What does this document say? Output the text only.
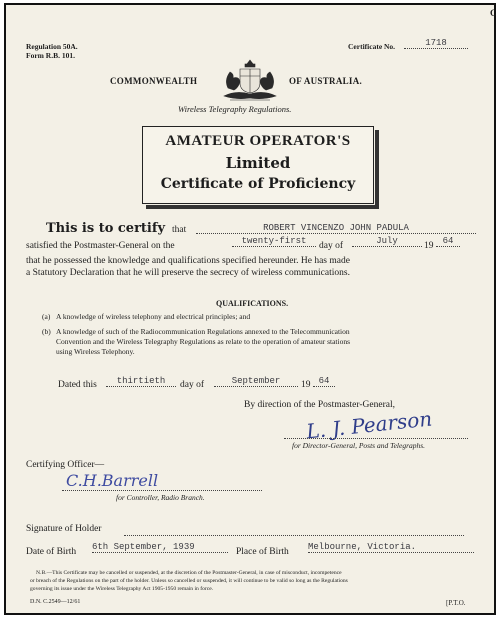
C
Regulation 50A.
Form R.B. 101.
Certificate No.	1718
COMMONWEALTH	OF AUSTRALIA.
Wireless Telegraphy Regulations.
AMATEUR OPERATOR'S
Limited
Certificate of Proficiency
This is to certify that	ROBERT VINCENZO JOHN PADULA
satisfied the Postmaster-General on the	twenty-first	day of	July	19	64
that he possessed the knowledge and qualifications specified hereunder. He has made
a Statutory Declaration that he will preserve the secrecy of wireless communications.
QUALIFICATIONS.
(a) A knowledge of wireless telephony and electrical principles; and
(b) A knowledge of such of the Radiocommunication Regulations annexed to the Telecommunication
Convention and the Wireless Telegraphy Regulations as relate to the operation of amateur stations
using Wireless Telephony.
Dated this	thirtieth	day of	September	19 64
By direction of the Postmaster-General,
L. J. Pearson
for Director-General, Posts and Telegraphs.
Certifying Officer—
C.H.Barrell
for Controller, Radio Branch.
Signature of Holder
Date of Birth 6th September, 1939	Place of Birth Melbourne, Victoria.
N.B.—This Certificate may be cancelled or suspended, at the discretion of the Postmaster-General, in case of misconduct, incompetence
or breach of the Regulations on the part of the holder. Unless so cancelled or suspended, it will continue to be valid so long as the Regulations
governing its issue under the Wireless Telegraphy Act 1905-1950 remain in force.
D.N. C.2549—12/61	[P.T.O.
